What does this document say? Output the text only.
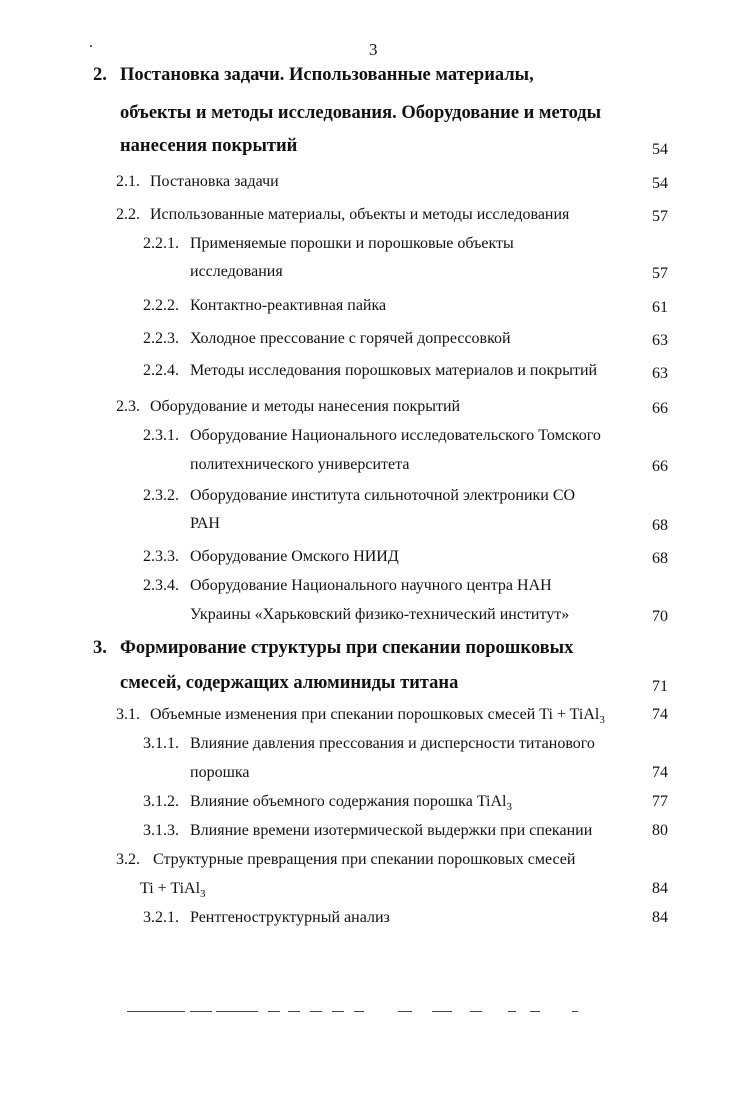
3
2. Постановка задачи. Использованные материалы,
объекты и методы исследования. Оборудование и методы
нанесения покрытий	54
2.1. Постановка задачи	54
2.2. Использованные материалы, объекты и методы исследования	57
2.2.1. Применяемые порошки и порошковые объекты
исследования	57
2.2.2. Контактно-реактивная пайка	61
2.2.3. Холодное прессование с горячей допрессовкой	63
2.2.4. Методы исследования порошковых материалов и покрытий	63
2.3. Оборудование и методы нанесения покрытий	66
2.3.1. Оборудование Национального исследовательского Томского
политехнического университета	66
2.3.2. Оборудование института сильноточной электроники СО
РАН	68
2.3.3. Оборудование Омского НИИД	68
2.3.4. Оборудование Национального научного центра НАН
Украины «Харьковский физико-технический институт»	70
3. Формирование структуры при спекании порошковых
смесей, содержащих алюминиды титана	71
3.1. Объемные изменения при спекании порошковых смесей Ti + TiAl$_3$	74
3.1.1. Влияние давления прессования и дисперсности титанового
порошка	74
3.1.2. Влияние объемного содержания порошка TiAl$_3$	77
3.1.3. Влияние времени изотермической выдержки при спекании	80
3.2. Структурные превращения при спекании порошковых смесей
Ti + TiAl$_3$	84
3.2.1. Рентгеноструктурный анализ	84
